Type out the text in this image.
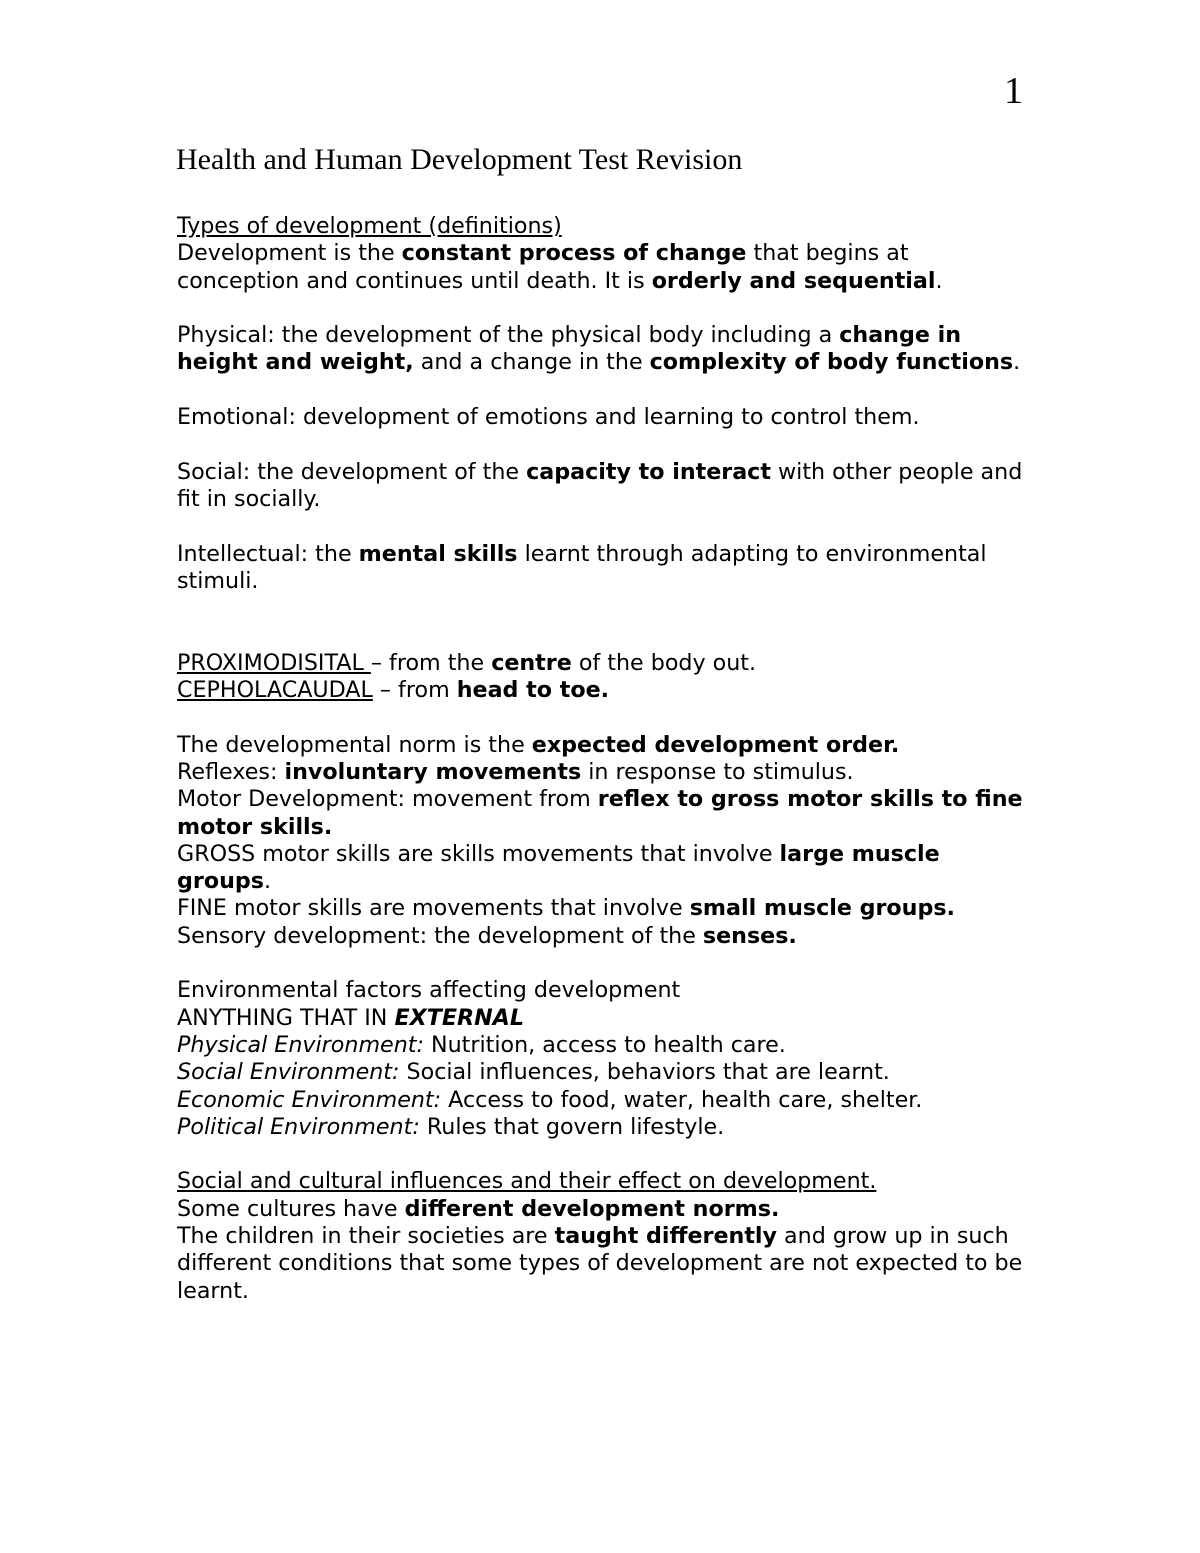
1
Health and Human Development Test Revision

Types of development (definitions)

Development is the constant process of change that begins at conception and continues until death. It is orderly and sequential.

Physical: the development of the physical body including a change in height and weight, and a change in the complexity of body functions.

Emotional: development of emotions and learning to control them.

Social: the development of the capacity to interact with other people and fit in socially.

Intellectual: the mental skills learnt through adapting to environmental stimuli.

PROXIMODISITAL – from the centre of the body out.

CEPHOLACAUDAL – from head to toe.

The developmental norm is the expected development order.

Reflexes: involuntary movements in response to stimulus.

Motor Development: movement from reflex to gross motor skills to fine motor skills.

GROSS motor skills are skills movements that involve large muscle groups.

FINE motor skills are movements that involve small muscle groups.

Sensory development: the development of the senses.

Environmental factors affecting development

ANYTHING THAT IN EXTERNAL

Physical Environment: Nutrition, access to health care.

Social Environment: Social influences, behaviors that are learnt.

Economic Environment: Access to food, water, health care, shelter.

Political Environment: Rules that govern lifestyle.

Social and cultural influences and their effect on development.

Some cultures have different development norms.

The children in their societies are taught differently and grow up in such different conditions that some types of development are not expected to be learnt.
